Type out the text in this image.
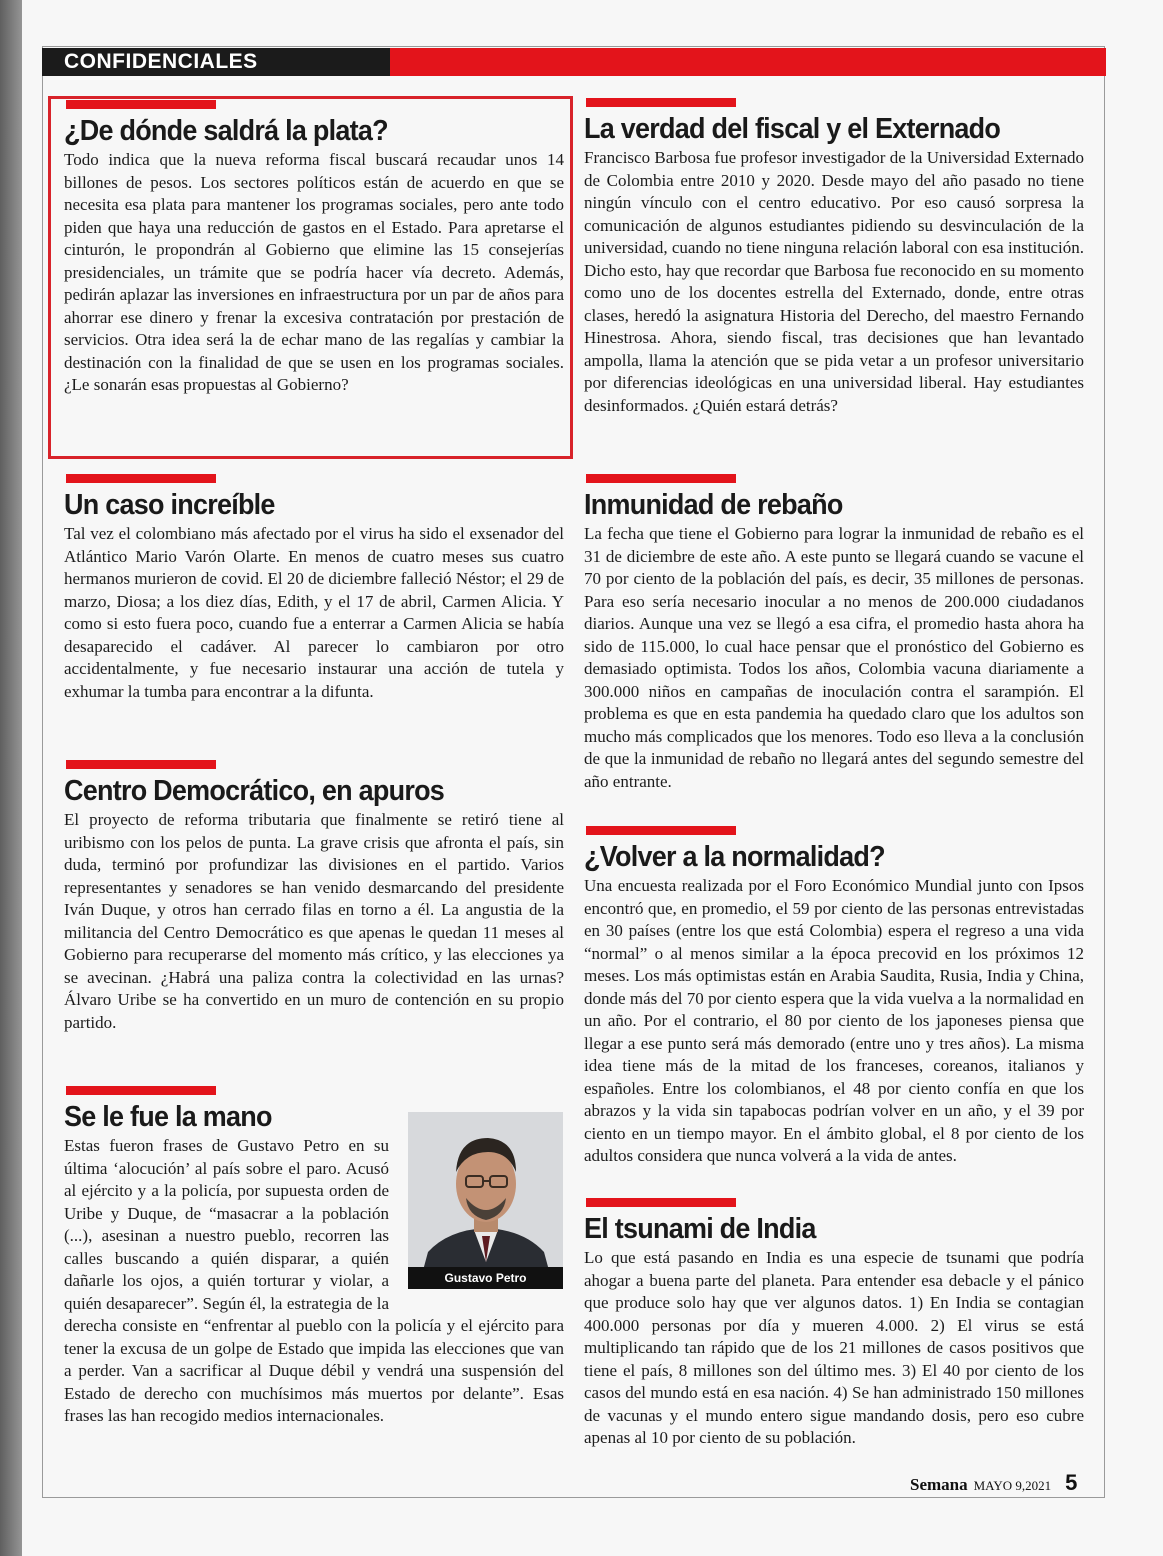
CONFIDENCIALES
¿De dónde saldrá la plata?

Todo indica que la nueva reforma fiscal buscará recaudar unos 14 billones de pesos. Los sectores políticos están de acuerdo en que se necesita esa plata para mantener los programas sociales, pero ante todo piden que haya una reducción de gastos en el Estado. Para apretarse el cinturón, le propondrán al Gobierno que elimine las 15 consejerías presidenciales, un trámite que se podría hacer vía decreto. Además, pedirán aplazar las inversiones en infraestructura por un par de años para ahorrar ese dinero y frenar la excesiva contratación por prestación de servicios. Otra idea será la de echar mano de las regalías y cambiar la destinación con la finalidad de que se usen en los programas sociales. ¿Le sonarán esas propuestas al Gobierno?

Un caso increíble

Tal vez el colombiano más afectado por el virus ha sido el exsenador del Atlántico Mario Varón Olarte. En menos de cuatro meses sus cuatro hermanos murieron de covid. El 20 de diciembre falleció Néstor; el 29 de marzo, Diosa; a los diez días, Edith, y el 17 de abril, Carmen Alicia. Y como si esto fuera poco, cuando fue a enterrar a Carmen Alicia se había desaparecido el cadáver. Al parecer lo cambiaron por otro accidentalmente, y fue necesario instaurar una acción de tutela y exhumar la tumba para encontrar a la difunta.

Centro Democrático, en apuros

El proyecto de reforma tributaria que finalmente se retiró tiene al uribismo con los pelos de punta. La grave crisis que afronta el país, sin duda, terminó por profundizar las divisiones en el partido. Varios representantes y senadores se han venido desmarcando del presidente Iván Duque, y otros han cerrado filas en torno a él. La angustia de la militancia del Centro Democrático es que apenas le quedan 11 meses al Gobierno para recuperarse del momento más crítico, y las elecciones ya se avecinan. ¿Habrá una paliza contra la colectividad en las urnas? Álvaro Uribe se ha convertido en un muro de contención en su propio partido.

Se le fue la mano

Estas fueron frases de Gustavo Petro en su última ‘alocución’ al país sobre el paro. Acusó al ejército y a la policía, por supuesta orden de Uribe y Duque, de “masacrar a la población (...), asesinan a nuestro pueblo, recorren las calles buscando a quién disparar, a quién dañarle los ojos, a quién torturar y violar, a quién desaparecer”. Según él, la estrategia de la derecha consiste en “enfrentar al pueblo con la policía y el ejército para tener la excusa de un golpe de Estado que impida las elecciones que van a perder. Van a sacrificar al Duque débil y vendrá una suspensión del Estado de derecho con muchísimos más muertos por delante”. Esas frases las han recogido medios internacionales.

Gustavo Petro
La verdad del fiscal y el Externado

Francisco Barbosa fue profesor investigador de la Universidad Externado de Colombia entre 2010 y 2020. Desde mayo del año pasado no tiene ningún vínculo con el centro educativo. Por eso causó sorpresa la comunicación de algunos estudiantes pidiendo su desvinculación de la universidad, cuando no tiene ninguna relación laboral con esa institución. Dicho esto, hay que recordar que Barbosa fue reconocido en su momento como uno de los docentes estrella del Externado, donde, entre otras clases, heredó la asignatura Historia del Derecho, del maestro Fernando Hinestrosa. Ahora, siendo fiscal, tras decisiones que han levantado ampolla, llama la atención que se pida vetar a un profesor universitario por diferencias ideológicas en una universidad liberal. Hay estudiantes desinformados. ¿Quién estará detrás?

Inmunidad de rebaño

La fecha que tiene el Gobierno para lograr la inmunidad de rebaño es el 31 de diciembre de este año. A este punto se llegará cuando se vacune el 70 por ciento de la población del país, es decir, 35 millones de personas. Para eso sería necesario inocular a no menos de 200.000 ciudadanos diarios. Aunque una vez se llegó a esa cifra, el promedio hasta ahora ha sido de 115.000, lo cual hace pensar que el pronóstico del Gobierno es demasiado optimista. Todos los años, Colombia vacuna diariamente a 300.000 niños en campañas de inoculación contra el sarampión. El problema es que en esta pandemia ha quedado claro que los adultos son mucho más complicados que los menores. Todo eso lleva a la conclusión de que la inmunidad de rebaño no llegará antes del segundo semestre del año entrante.

¿Volver a la normalidad?

Una encuesta realizada por el Foro Económico Mundial junto con Ipsos encontró que, en promedio, el 59 por ciento de las personas entrevistadas en 30 países (entre los que está Colombia) espera el regreso a una vida “normal” o al menos similar a la época precovid en los próximos 12 meses. Los más optimistas están en Arabia Saudita, Rusia, India y China, donde más del 70 por ciento espera que la vida vuelva a la normalidad en un año. Por el contrario, el 80 por ciento de los japoneses piensa que llegar a ese punto será más demorado (entre uno y tres años). La misma idea tiene más de la mitad de los franceses, coreanos, italianos y españoles. Entre los colombianos, el 48 por ciento confía en que los abrazos y la vida sin tapabocas podrían volver en un año, y el 39 por ciento en un tiempo mayor. En el ámbito global, el 8 por ciento de los adultos considera que nunca volverá a la vida de antes.

El tsunami de India

Lo que está pasando en India es una especie de tsunami que podría ahogar a buena parte del planeta. Para entender esa debacle y el pánico que produce solo hay que ver algunos datos. 1) En India se contagian 400.000 personas por día y mueren 4.000. 2) El virus se está multiplicando tan rápido que de los 21 millones de casos positivos que tiene el país, 8 millones son del último mes. 3) El 40 por ciento de los casos del mundo está en esa nación. 4) Se han administrado 150 millones de vacunas y el mundo entero sigue mandando dosis, pero eso cubre apenas al 10 por ciento de su población.

Semana MAYO 9,2021 5
